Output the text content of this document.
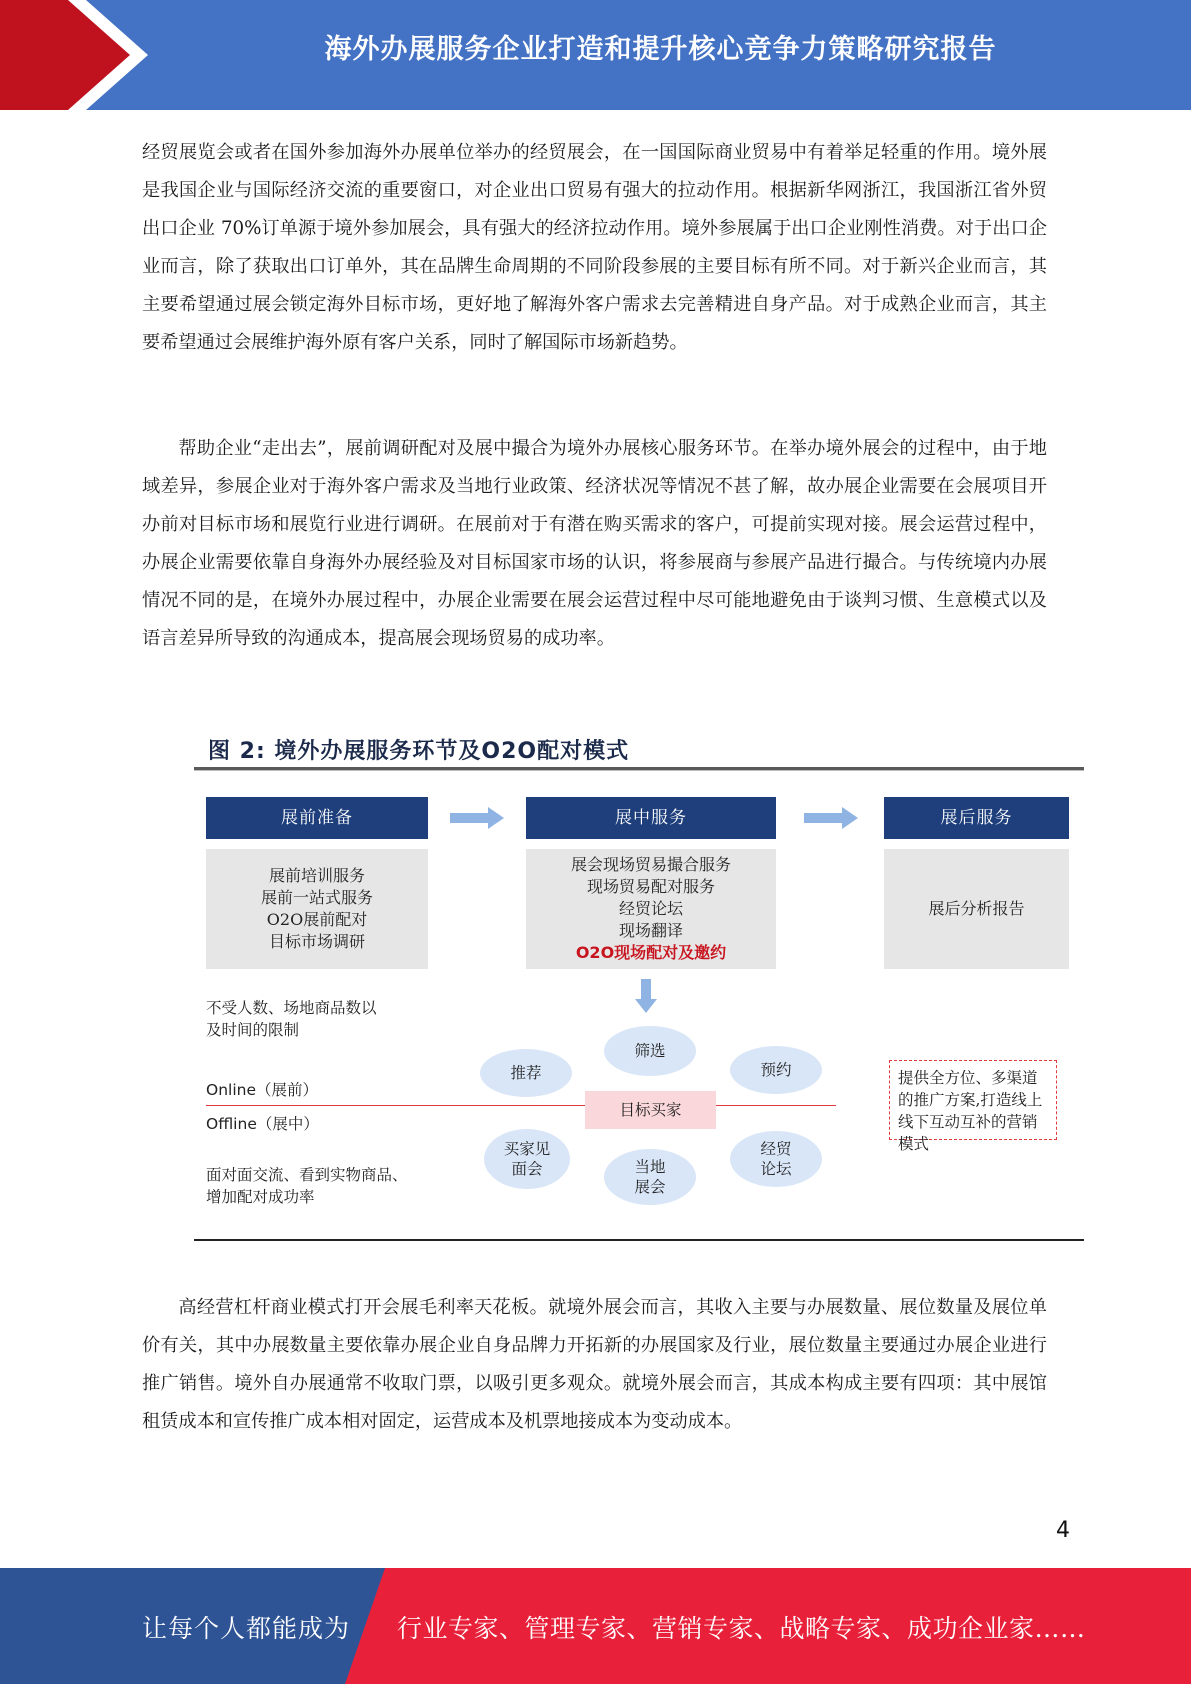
海外办展服务企业打造和提升核心竞争力策略研究报告

经贸展览会或者在国外参加海外办展单位举办的经贸展会，在一国国际商业贸易中有着举足轻重的作用。境外展是我国企业与国际经济交流的重要窗口，对企业出口贸易有强大的拉动作用。根据新华网浙江，我国浙江省外贸出口企业 70%订单源于境外参加展会，具有强大的经济拉动作用。境外参展属于出口企业刚性消费。对于出口企业而言，除了获取出口订单外，其在品牌生命周期的不同阶段参展的主要目标有所不同。对于新兴企业而言，其主要希望通过展会锁定海外目标市场，更好地了解海外客户需求去完善精进自身产品。对于成熟企业而言，其主要希望通过会展维护海外原有客户关系，同时了解国际市场新趋势。

帮助企业“走出去”，展前调研配对及展中撮合为境外办展核心服务环节。在举办境外展会的过程中，由于地域差异，参展企业对于海外客户需求及当地行业政策、经济状况等情况不甚了解，故办展企业需要在会展项目开办前对目标市场和展览行业进行调研。在展前对于有潜在购买需求的客户，可提前实现对接。展会运营过程中，办展企业需要依靠自身海外办展经验及对目标国家市场的认识，将参展商与参展产品进行撮合。与传统境内办展情况不同的是，在境外办展过程中，办展企业需要在展会运营过程中尽可能地避免由于谈判习惯、生意模式以及语言差异所导致的沟通成本，提高展会现场贸易的成功率。

图 2: 境外办展服务环节及O2O配对模式
展前准备
展前培训服务
展前一站式服务
O2O展前配对
目标市场调研
展中服务
展会现场贸易撮合服务
现场贸易配对服务
经贸论坛
现场翻译
O2O现场配对及邀约
展后服务
展后分析报告
不受人数、场地商品数以
及时间的限制
Online（展前）
Offline（展中）
面对面交流、看到实物商品、
增加配对成功率
推荐
筛选
预约
目标买家
买家见面会	当地展会
经贸论坛
提供全方位、多渠道的推广方案,打造线上线下互动互补的营销模式

高经营杠杆商业模式打开会展毛利率天花板。就境外展会而言，其收入主要与办展数量、展位数量及展位单价有关，其中办展数量主要依靠办展企业自身品牌力开拓新的办展国家及行业，展位数量主要通过办展企业进行推广销售。境外自办展通常不收取门票，以吸引更多观众。就境外展会而言，其成本构成主要有四项：其中展馆租赁成本和宣传推广成本相对固定，运营成本及机票地接成本为变动成本。

4
让每个人都能成为 行业专家、管理专家、营销专家、战略专家、成功企业家……
